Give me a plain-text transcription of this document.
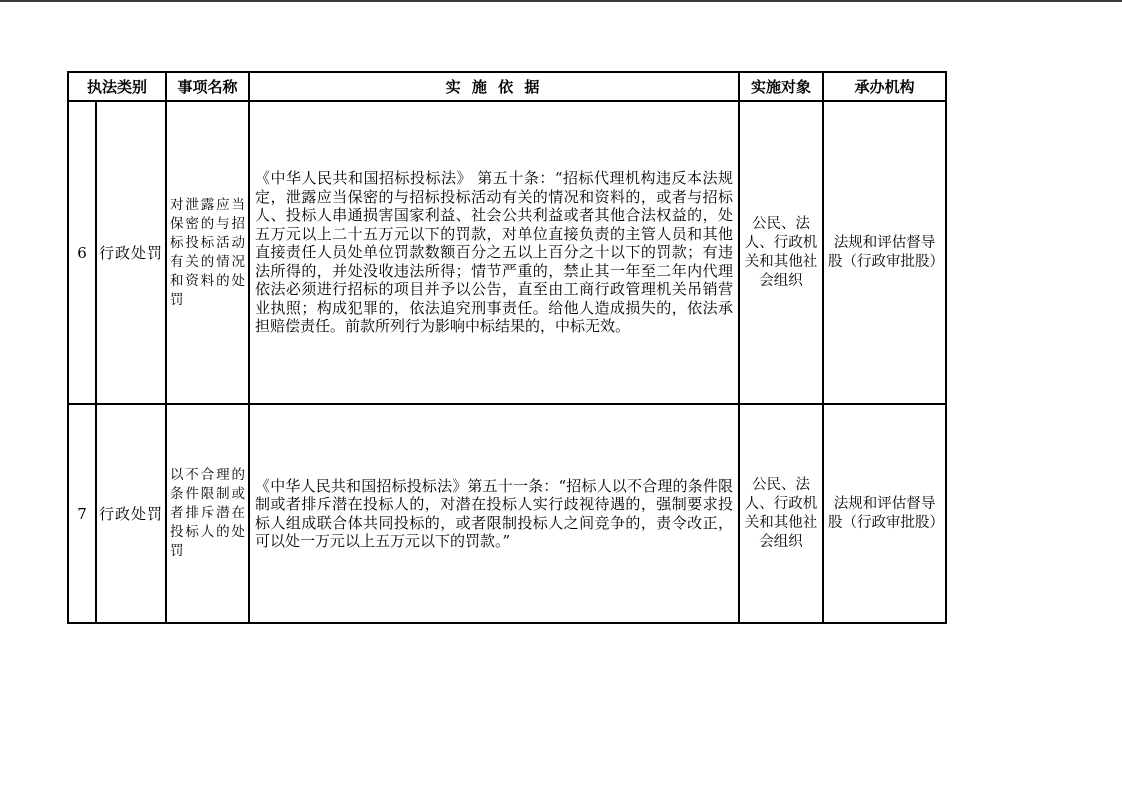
执法类别		事项名称	实 施 依 据	实施对象	承办机构
6	行政处罚	对泄露应当保密的与招标投标活动有关的情况和资料的处罚	《中华人民共和国招标投标法》 第五十条：“招标代理机构违反本法规定，泄露应当保密的与招标投标活动有关的情况和资料的，或者与招标人、投标人串通损害国家利益、社会公共利益或者其他合法权益的，处五万元以上二十五万元以下的罚款，对单位直接负责的主管人员和其他直接责任人员处单位罚款数额百分之五以上百分之十以下的罚款；有违法所得的，并处没收违法所得；情节严重的，禁止其一年至二年内代理依法必须进行招标的项目并予以公告，直至由工商行政管理机关吊销营业执照；构成犯罪的，依法追究刑事责任。给他人造成损失的，依法承担赔偿责任。前款所列行为影响中标结果的，中标无效。	公民、法人、行政机关和其他社会组织	法规和评估督导股（行政审批股）
7	行政处罚	以不合理的条件限制或者排斥潜在投标人的处罚	《中华人民共和国招标投标法》第五十一条：“招标人以不合理的条件限制或者排斥潜在投标人的，对潜在投标人实行歧视待遇的，强制要求投标人组成联合体共同投标的，或者限制投标人之间竞争的，责令改正，可以处一万元以上五万元以下的罚款。”	公民、法人、行政机关和其他社会组织	法规和评估督导股（行政审批股）
